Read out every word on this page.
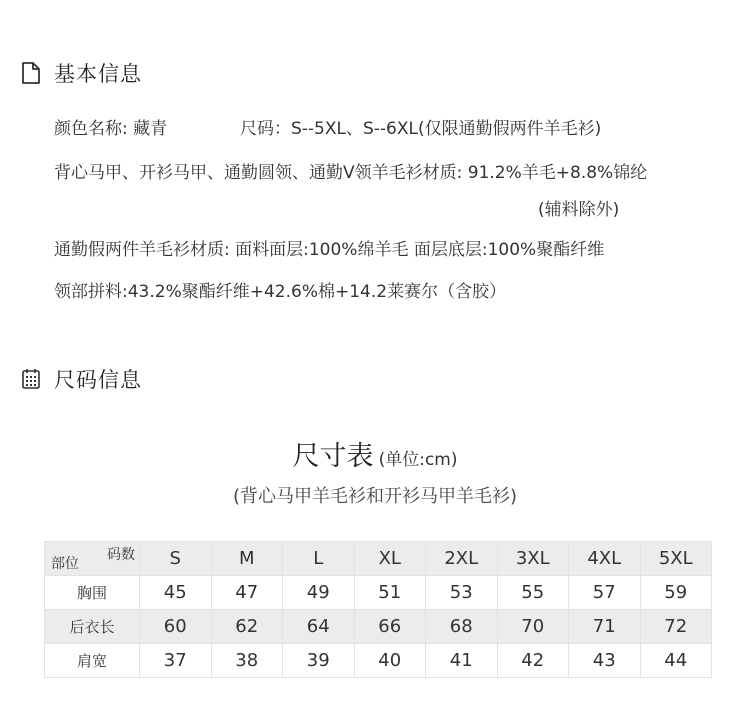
基本信息
颜色名称: 藏青	尺码：S--5XL、S--6XL(仅限通勤假两件羊毛衫)
背心马甲、开衫马甲、通勤圆领、通勤V领羊毛衫材质: 91.2%羊毛+8.8%锦纶
(辅料除外)
通勤假两件羊毛衫材质: 面料面层:100%绵羊毛 面层底层:100%聚酯纤维
领部拼料:43.2%聚酯纤维+42.6%棉+14.2莱赛尔（含胶）
尺码信息
尺寸表 (单位:cm)
(背心马甲羊毛衫和开衫马甲羊毛衫)
码数
部位	S	M	L	XL	2XL	3XL	4XL	5XL
胸围	45	47	49	51	53	55	57	59
后衣长	60	62	64	66	68	70	71	72
肩宽	37	38	39	40	41	42	43	44
